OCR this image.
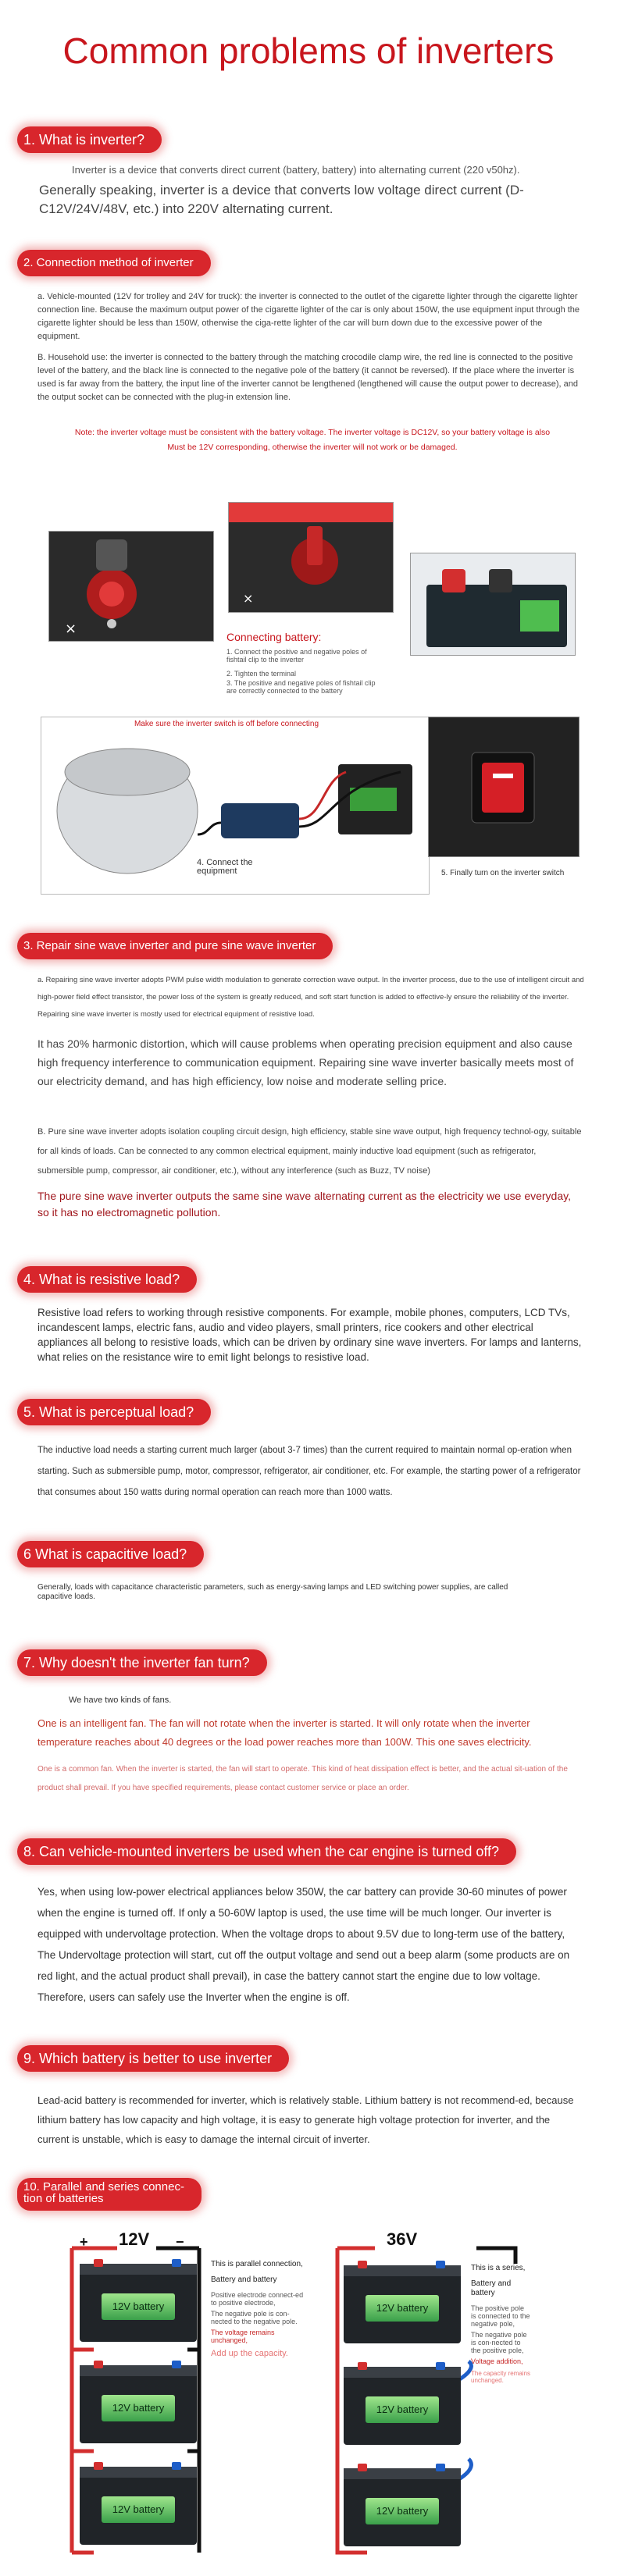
Common problems of inverters
1. What is inverter?
Inverter is a device that converts direct current (battery, battery) into alternating current (220 v50hz).
Generally speaking, inverter is a device that converts low voltage direct current (D-C12V/24V/48V, etc.) into 220V alternating current.
2. Connection method of inverter
a. Vehicle-mounted (12V for trolley and 24V for truck): the inverter is connected to the outlet of the cigarette lighter through the cigarette lighter connection line. Because the maximum output power of the cigarette lighter of the car is only about 150W, the use equipment input through the cigarette lighter should be less than 150W, otherwise the ciga-rette lighter of the car will burn down due to the excessive power of the equipment.
B. Household use: the inverter is connected to the battery through the matching crocodile clamp wire, the red line is connected to the positive level of the battery, and the black line is connected to the negative pole of the battery (it cannot be reversed). If the place where the inverter is used is far away from the battery, the input line of the inverter cannot be lengthened (lengthened will cause the output power to decrease), and the output socket can be connected with the plug-in extension line.
Note: the inverter voltage must be consistent with the battery voltage. The inverter voltage is DC12V, so your battery voltage is also
Must be 12V corresponding, otherwise the inverter will not work or be damaged.
×
×
Connecting battery:
1. Connect the positive and negative poles of fishtail clip to the inverter
2. Tighten the terminal
3. The positive and negative poles of fishtail clip are correctly connected to the battery
Make sure the inverter switch is off before connecting
4. Connect the equipment	5. Finally turn on the inverter switch
3. Repair sine wave inverter and pure sine wave inverter
a. Repairing sine wave inverter adopts PWM pulse width modulation to generate correction wave output. In the inverter process, due to the use of intelligent circuit and high-power field effect transistor, the power loss of the system is greatly reduced, and soft start function is added to effective-ly ensure the reliability of the inverter. Repairing sine wave inverter is mostly used for electrical equipment of resistive load.
It has 20% harmonic distortion, which will cause problems when operating precision equipment and also cause high frequency interference to communication equipment. Repairing sine wave inverter basically meets most of our electricity demand, and has high efficiency, low noise and moderate selling price.
B. Pure sine wave inverter adopts isolation coupling circuit design, high efficiency, stable sine wave output, high frequency technol-ogy, suitable for all kinds of loads. Can be connected to any common electrical equipment, mainly inductive load equipment (such as refrigerator, submersible pump, compressor, air conditioner, etc.), without any interference (such as Buzz, TV noise)
The pure sine wave inverter outputs the same sine wave alternating current as the electricity we use everyday, so it has no electromagnetic pollution.
4. What is resistive load?
Resistive load refers to working through resistive components. For example, mobile phones, computers, LCD TVs, incandescent lamps, electric fans, audio and video players, small printers, rice cookers and other electrical appliances all belong to resistive loads, which can be driven by ordinary sine wave inverters. For lamps and lanterns, what relies on the resistance wire to emit light belongs to resistive load.
5. What is perceptual load?
The inductive load needs a starting current much larger (about 3-7 times) than the current required to maintain normal op-eration when starting. Such as submersible pump, motor, compressor, refrigerator, air conditioner, etc. For example, the starting power of a refrigerator that consumes about 150 watts during normal operation can reach more than 1000 watts.
6 What is capacitive load?
Generally, loads with capacitance characteristic parameters, such as energy-saving lamps and LED switching power supplies, are called capacitive loads.
7. Why doesn't the inverter fan turn?
We have two kinds of fans.
One is an intelligent fan. The fan will not rotate when the inverter is started. It will only rotate when the inverter temperature reaches about 40 degrees or the load power reaches more than 100W. This one saves electricity.
One is a common fan. When the inverter is started, the fan will start to operate. This kind of heat dissipation effect is better, and the actual sit-uation of the product shall prevail. If you have specified requirements, please contact customer service or place an order.
8. Can vehicle-mounted inverters be used when the car engine is turned off?
Yes, when using low-power electrical appliances below 350W, the car battery can provide 30-60 minutes of power when the engine is turned off. If only a 50-60W laptop is used, the use time will be much longer. Our inverter is equipped with undervoltage protection. When the voltage drops to about 9.5V due to long-term use of the battery, The Undervoltage protection will start, cut off the output voltage and send out a beep alarm (some products are on red light, and the actual product shall prevail), in case the battery cannot start the engine due to low voltage. Therefore, users can safely use the Inverter when the engine is off.
9. Which battery is better to use inverter
Lead-acid battery is recommended for inverter, which is relatively stable. Lithium battery is not recommend-ed, because lithium battery has low capacity and high voltage, it is easy to generate high voltage protection for inverter, and the current is unstable, which is easy to damage the internal circuit of inverter.
10. Parallel and series connec-
tion of batteries
12V
+	−
12V battery
12V battery
12V battery
This is parallel connection,
Battery and battery
Positive electrode connect-ed to positive electrode,
The negative pole is con-nected to the negative pole.
The voltage remains unchanged,
Add up the capacity.
36V
12V battery
12V battery
12V battery
This is a series,
Battery and battery
The positive pole is connected to the negative pole,
The negative pole is con-nected to the positive pole,
Voltage addition,
The capacity remains unchanged.
